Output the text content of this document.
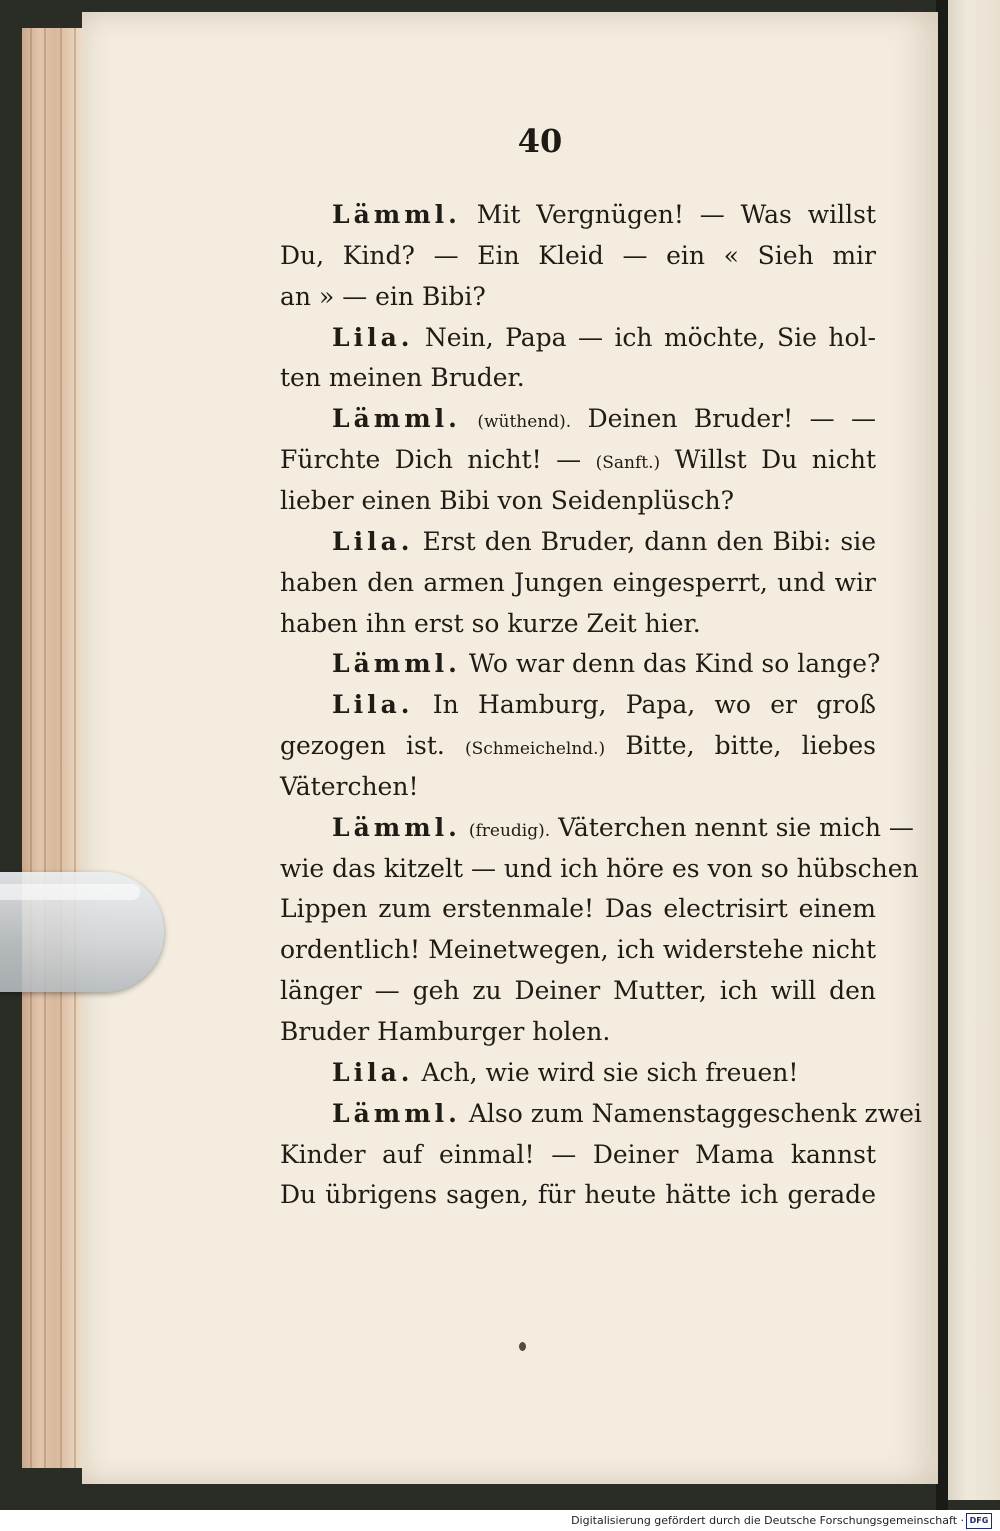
40
Lämml. Mit Vergnügen! — Was willst
Du, Kind? — Ein Kleid — ein « Sieh mir
an » — ein Bibi?
Lila. Nein, Papa — ich möchte, Sie hol-
ten meinen Bruder.
Lämml. (wüthend). Deinen Bruder! — —
Fürchte Dich nicht! — (Sanft.) Willst Du nicht
lieber einen Bibi von Seidenplüsch?
Lila. Erst den Bruder, dann den Bibi: sie
haben den armen Jungen eingesperrt, und wir
haben ihn erst so kurze Zeit hier.
Lämml. Wo war denn das Kind so lange?
Lila. In Hamburg, Papa, wo er groß
gezogen ist. (Schmeichelnd.) Bitte, bitte, liebes
Väterchen!
Lämml. (freudig). Väterchen nennt sie mich —
wie das kitzelt — und ich höre es von so hübschen
Lippen zum erstenmale! Das electrisirt einem
ordentlich! Meinetwegen, ich widerstehe nicht
länger — geh zu Deiner Mutter, ich will den
Bruder Hamburger holen.
Lila. Ach, wie wird sie sich freuen!
Lämml. Also zum Namenstaggeschenk zwei
Kinder auf einmal! — Deiner Mama kannst
Du übrigens sagen, für heute hätte ich gerade
Digitalisierung gefördert durch die Deutsche Forschungsgemeinschaft · DFG
